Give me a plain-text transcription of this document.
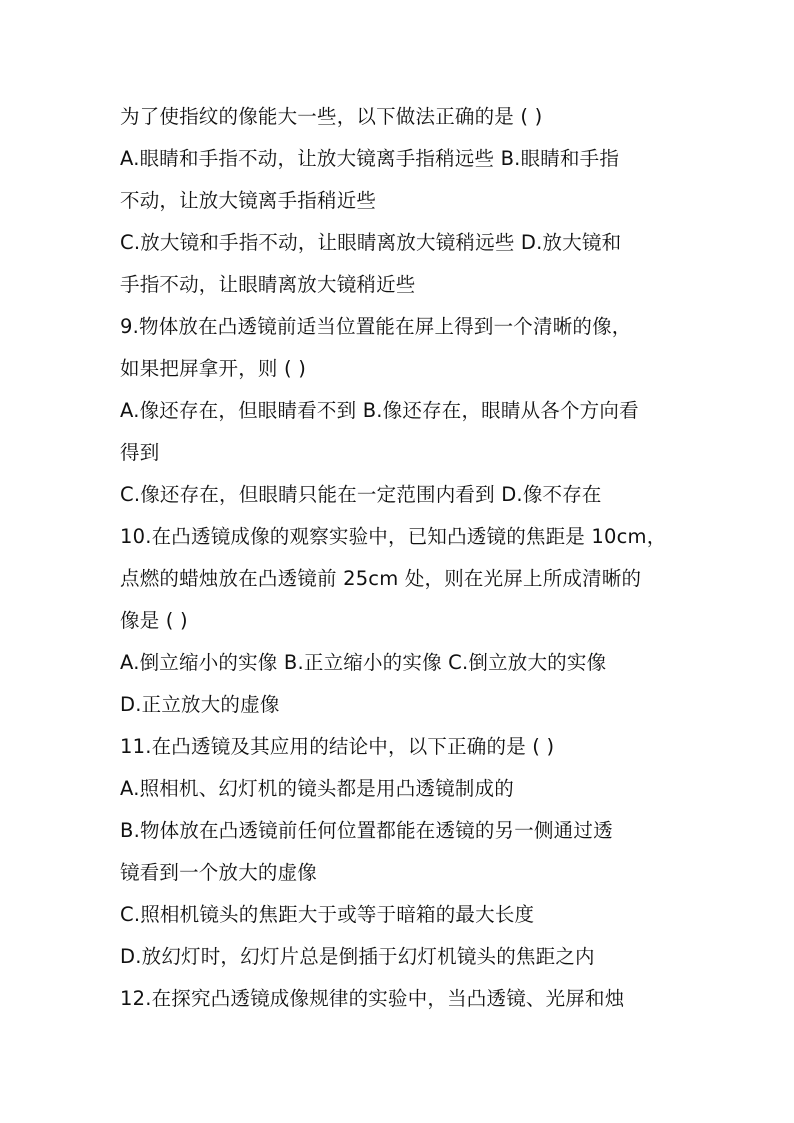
为了使指纹的像能大一些，以下做法正确的是 ( )

A.眼睛和手指不动，让放大镜离手指稍远些 B.眼睛和手指

不动，让放大镜离手指稍近些

C.放大镜和手指不动，让眼睛离放大镜稍远些 D.放大镜和

手指不动，让眼睛离放大镜稍近些

9.物体放在凸透镜前适当位置能在屏上得到一个清晰的像，

如果把屏拿开，则 ( )

A.像还存在，但眼睛看不到 B.像还存在，眼睛从各个方向看

得到

C.像还存在，但眼睛只能在一定范围内看到 D.像不存在

10.在凸透镜成像的观察实验中，已知凸透镜的焦距是 10cm，

点燃的蜡烛放在凸透镜前 25cm 处，则在光屏上所成清晰的

像是 ( )

A.倒立缩小的实像 B.正立缩小的实像 C.倒立放大的实像

D.正立放大的虚像

11.在凸透镜及其应用的结论中，以下正确的是 ( )

A.照相机、幻灯机的镜头都是用凸透镜制成的

B.物体放在凸透镜前任何位置都能在透镜的另一侧通过透

镜看到一个放大的虚像

C.照相机镜头的焦距大于或等于暗箱的最大长度

D.放幻灯时，幻灯片总是倒插于幻灯机镜头的焦距之内

12.在探究凸透镜成像规律的实验中，当凸透镜、光屏和烛
